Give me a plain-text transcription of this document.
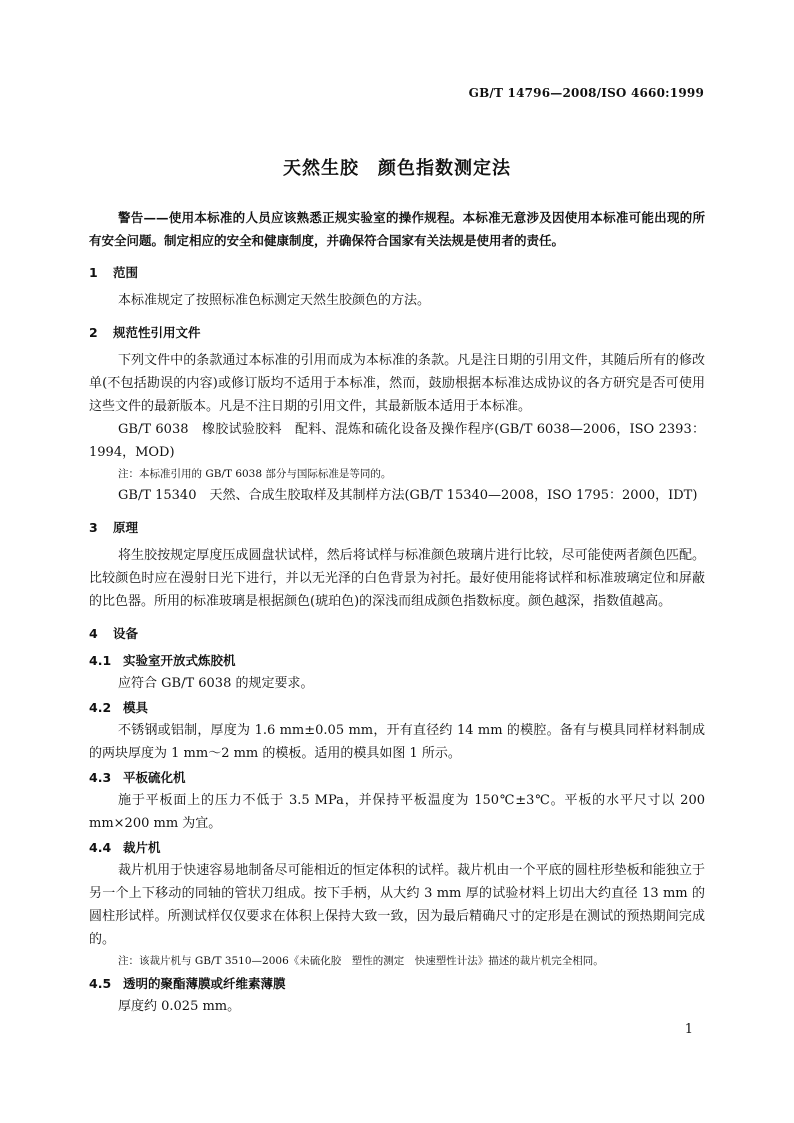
GB/T 14796—2008/ISO 4660:1999
天然生胶　颜色指数测定法

警告——使用本标准的人员应该熟悉正规实验室的操作规程。本标准无意涉及因使用本标准可能出现的所有安全问题。制定相应的安全和健康制度，并确保符合国家有关法规是使用者的责任。

1 范围

本标准规定了按照标准色标测定天然生胶颜色的方法。

2 规范性引用文件

下列文件中的条款通过本标准的引用而成为本标准的条款。凡是注日期的引用文件，其随后所有的修改单(不包括勘误的内容)或修订版均不适用于本标准，然而，鼓励根据本标准达成协议的各方研究是否可使用这些文件的最新版本。凡是不注日期的引用文件，其最新版本适用于本标准。

GB/T 6038　橡胶试验胶料　配料、混炼和硫化设备及操作程序(GB/T 6038—2006，ISO 2393：1994，MOD)

注：本标准引用的 GB/T 6038 部分与国际标准是等同的。

GB/T 15340　天然、合成生胶取样及其制样方法(GB/T 15340—2008，ISO 1795：2000，IDT)

3 原理

将生胶按规定厚度压成圆盘状试样，然后将试样与标准颜色玻璃片进行比较，尽可能使两者颜色匹配。比较颜色时应在漫射日光下进行，并以无光泽的白色背景为衬托。最好使用能将试样和标准玻璃定位和屏蔽的比色器。所用的标准玻璃是根据颜色(琥珀色)的深浅而组成颜色指数标度。颜色越深，指数值越高。

4 设备
4.1 实验室开放式炼胶机

应符合 GB/T 6038 的规定要求。

4.2 模具

不锈钢或铝制，厚度为 1.6 mm±0.05 mm，开有直径约 14 mm 的模腔。备有与模具同样材料制成的两块厚度为 1 mm～2 mm 的模板。适用的模具如图 1 所示。

4.3 平板硫化机

施于平板面上的压力不低于 3.5 MPa，并保持平板温度为 150℃±3℃。平板的水平尺寸以 200 mm×200 mm 为宜。

4.4 裁片机

裁片机用于快速容易地制备尽可能相近的恒定体积的试样。裁片机由一个平底的圆柱形垫板和能独立于另一个上下移动的同轴的管状刀组成。按下手柄，从大约 3 mm 厚的试验材料上切出大约直径 13 mm 的圆柱形试样。所测试样仅仅要求在体积上保持大致一致，因为最后精确尺寸的定形是在测试的预热期间完成的。

注：该裁片机与 GB/T 3510—2006《未硫化胶　塑性的测定　快速塑性计法》描述的裁片机完全相同。

4.5 透明的聚酯薄膜或纤维素薄膜

厚度约 0.025 mm。

1
